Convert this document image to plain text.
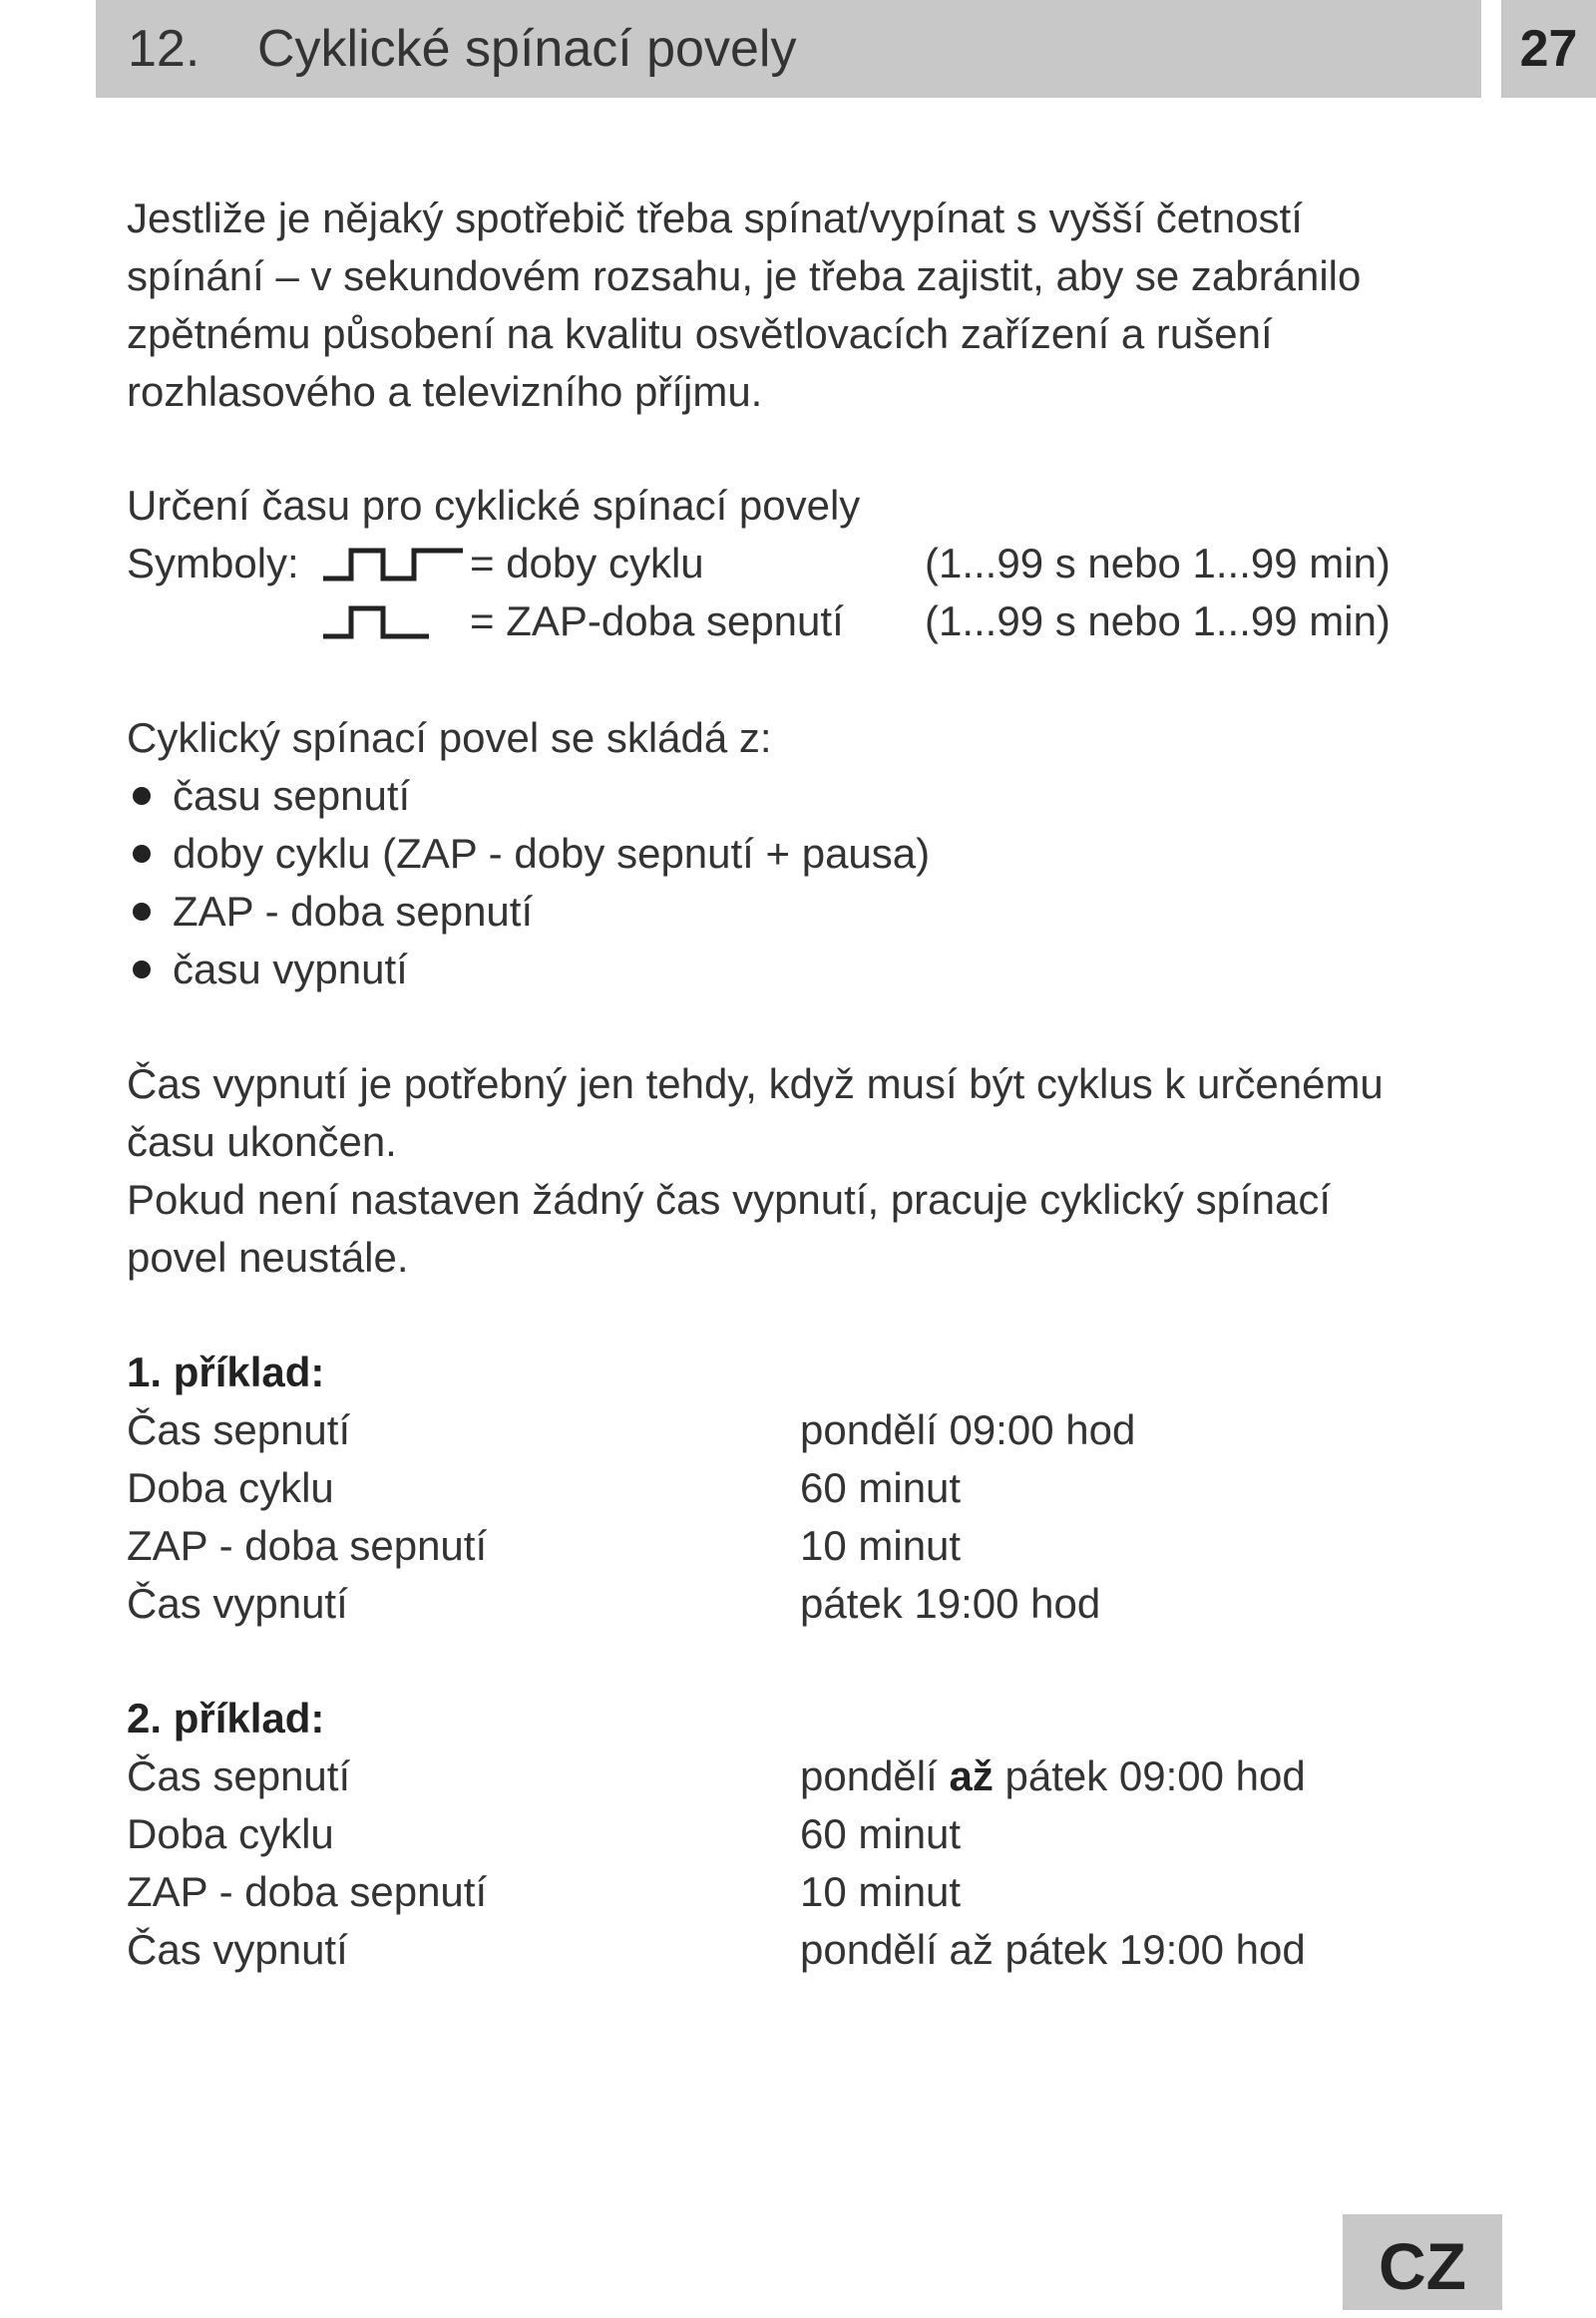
12. Cyklické spínací povely	27
Jestliže je nějaký spotřebič třeba spínat/vypínat s vyšší četností
spínání – v sekundovém rozsahu, je třeba zajistit, aby se zabránilo
zpětnému působení na kvalitu osvětlovacích zařízení a rušení
rozhlasového a televizního příjmu.
Určení času pro cyklické spínací povely
Symboly:	= doby cyklu	(1...99 s nebo 1...99 min)
= ZAP-doba sepnutí (1...99 s nebo 1...99 min)
Cyklický spínací povel se skládá z:
času sepnutí
doby cyklu (ZAP - doby sepnutí + pausa)
ZAP - doba sepnutí
času vypnutí
Čas vypnutí je potřebný jen tehdy, když musí být cyklus k určenému
času ukončen.
Pokud není nastaven žádný čas vypnutí, pracuje cyklický spínací
povel neustále.
1. příklad:
Čas sepnutí	pondělí 09:00 hod
Doba cyklu	60 minut
ZAP - doba sepnutí	10 minut
Čas vypnutí	pátek 19:00 hod
2. příklad:
Čas sepnutí	pondělí až pátek 09:00 hod
Doba cyklu	60 minut
ZAP - doba sepnutí	10 minut
Čas vypnutí	pondělí až pátek 19:00 hod
CZ
